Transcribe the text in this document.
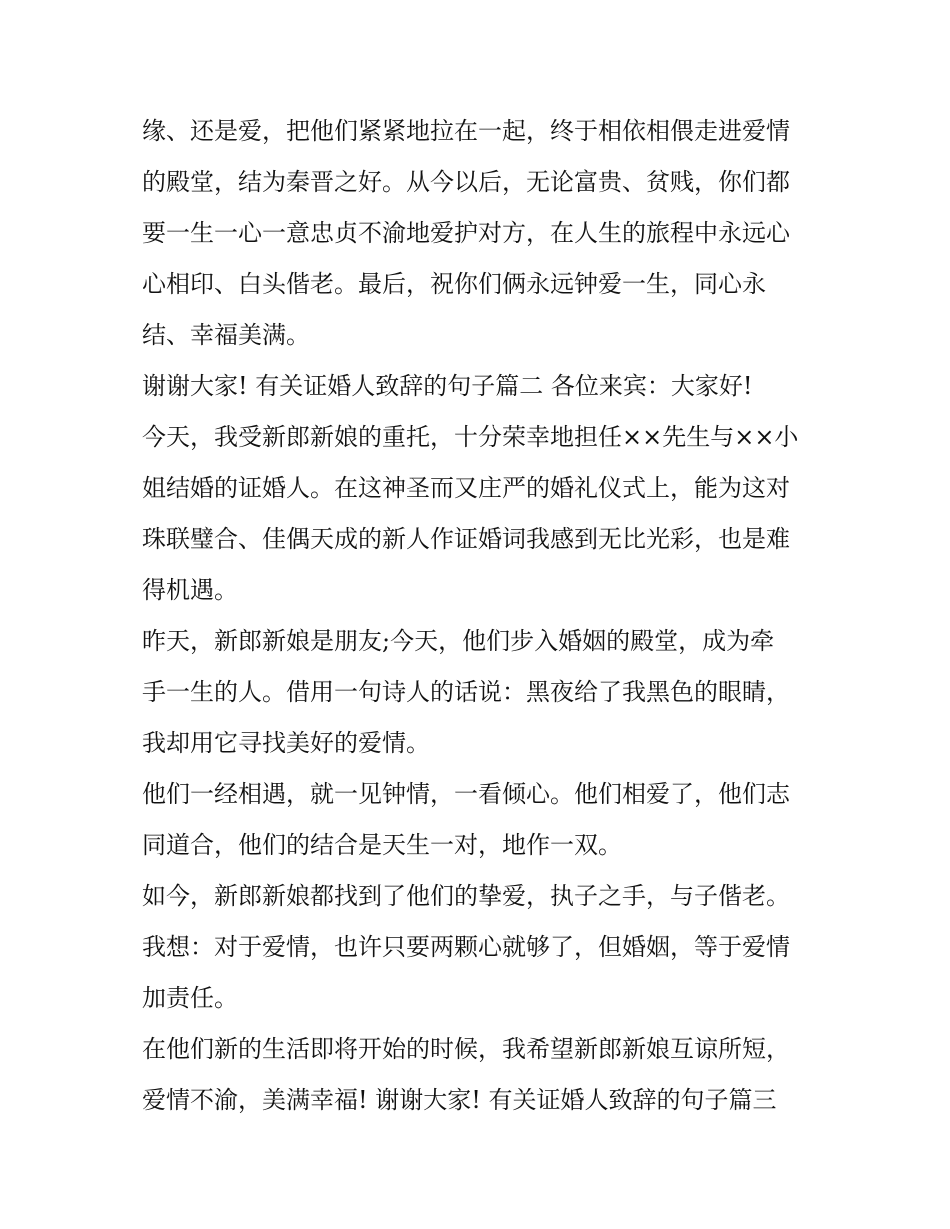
缘、还是爱，把他们紧紧地拉在一起，终于相依相偎走进爱情

的殿堂，结为秦晋之好。从今以后，无论富贵、贫贱，你们都

要一生一心一意忠贞不渝地爱护对方，在人生的旅程中永远心

心相印、白头偕老。最后，祝你们俩永远钟爱一生，同心永

结、幸福美满。

谢谢大家! 有关证婚人致辞的句子篇二 各位来宾：大家好!

今天，我受新郎新娘的重托，十分荣幸地担任××先生与××小

姐结婚的证婚人。在这神圣而又庄严的婚礼仪式上，能为这对

珠联璧合、佳偶天成的新人作证婚词我感到无比光彩，也是难

得机遇。

昨天，新郎新娘是朋友;今天，他们步入婚姻的殿堂，成为牵

手一生的人。借用一句诗人的话说：黑夜给了我黑色的眼睛，

我却用它寻找美好的爱情。

他们一经相遇，就一见钟情，一看倾心。他们相爱了，他们志

同道合，他们的结合是天生一对，地作一双。

如今，新郎新娘都找到了他们的挚爱，执子之手，与子偕老。

我想：对于爱情，也许只要两颗心就够了，但婚姻，等于爱情

加责任。

在他们新的生活即将开始的时候，我希望新郎新娘互谅所短，

爱情不渝，美满幸福! 谢谢大家! 有关证婚人致辞的句子篇三
